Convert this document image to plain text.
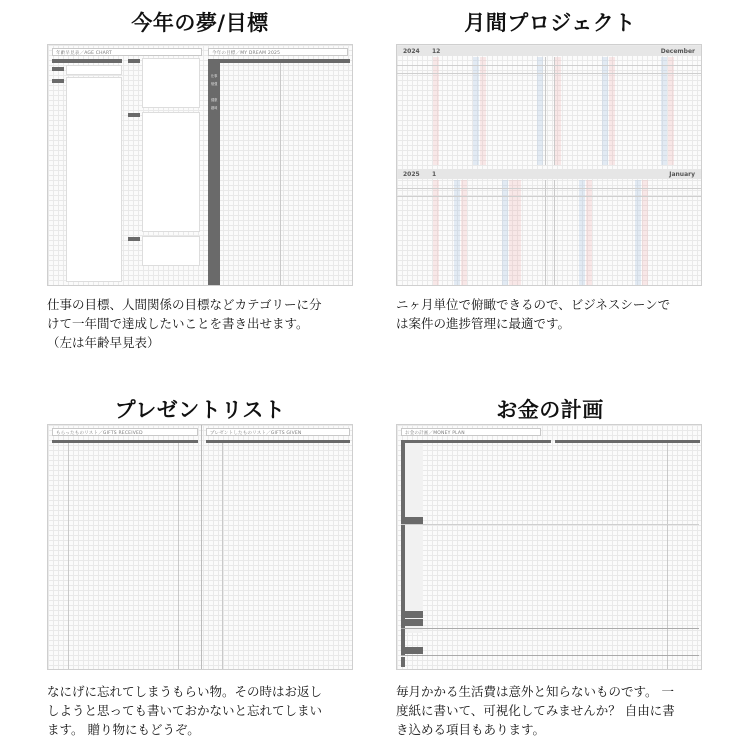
今年の夢/目標
年齢早見表／AGE CHART	今年の目標／MY DREAM 2025
仕事
勉強
健康
趣味
仕事の目標、人間関係の目標などカテゴリーに分
けて一年間で達成したいことを書き出せます。
（左は年齢早見表）
月間プロジェクト
2024 12	December
2025 1	January
ニヶ月単位で俯瞰できるので、ビジネスシーンで
は案件の進捗管理に最適です。
プレゼントリスト
もらったものリスト／GIFTS RECEIVED	プレゼントしたものリスト／GIFTS GIVEN
なにげに忘れてしまうもらい物。その時はお返し
しようと思っても書いておかないと忘れてしまい
ます。 贈り物にもどうぞ。
お金の計画
お金の計画／MONEY PLAN
毎月かかる生活費は意外と知らないものです。 一
度紙に書いて、可視化してみませんか？ 自由に書
き込める項目もあります。
